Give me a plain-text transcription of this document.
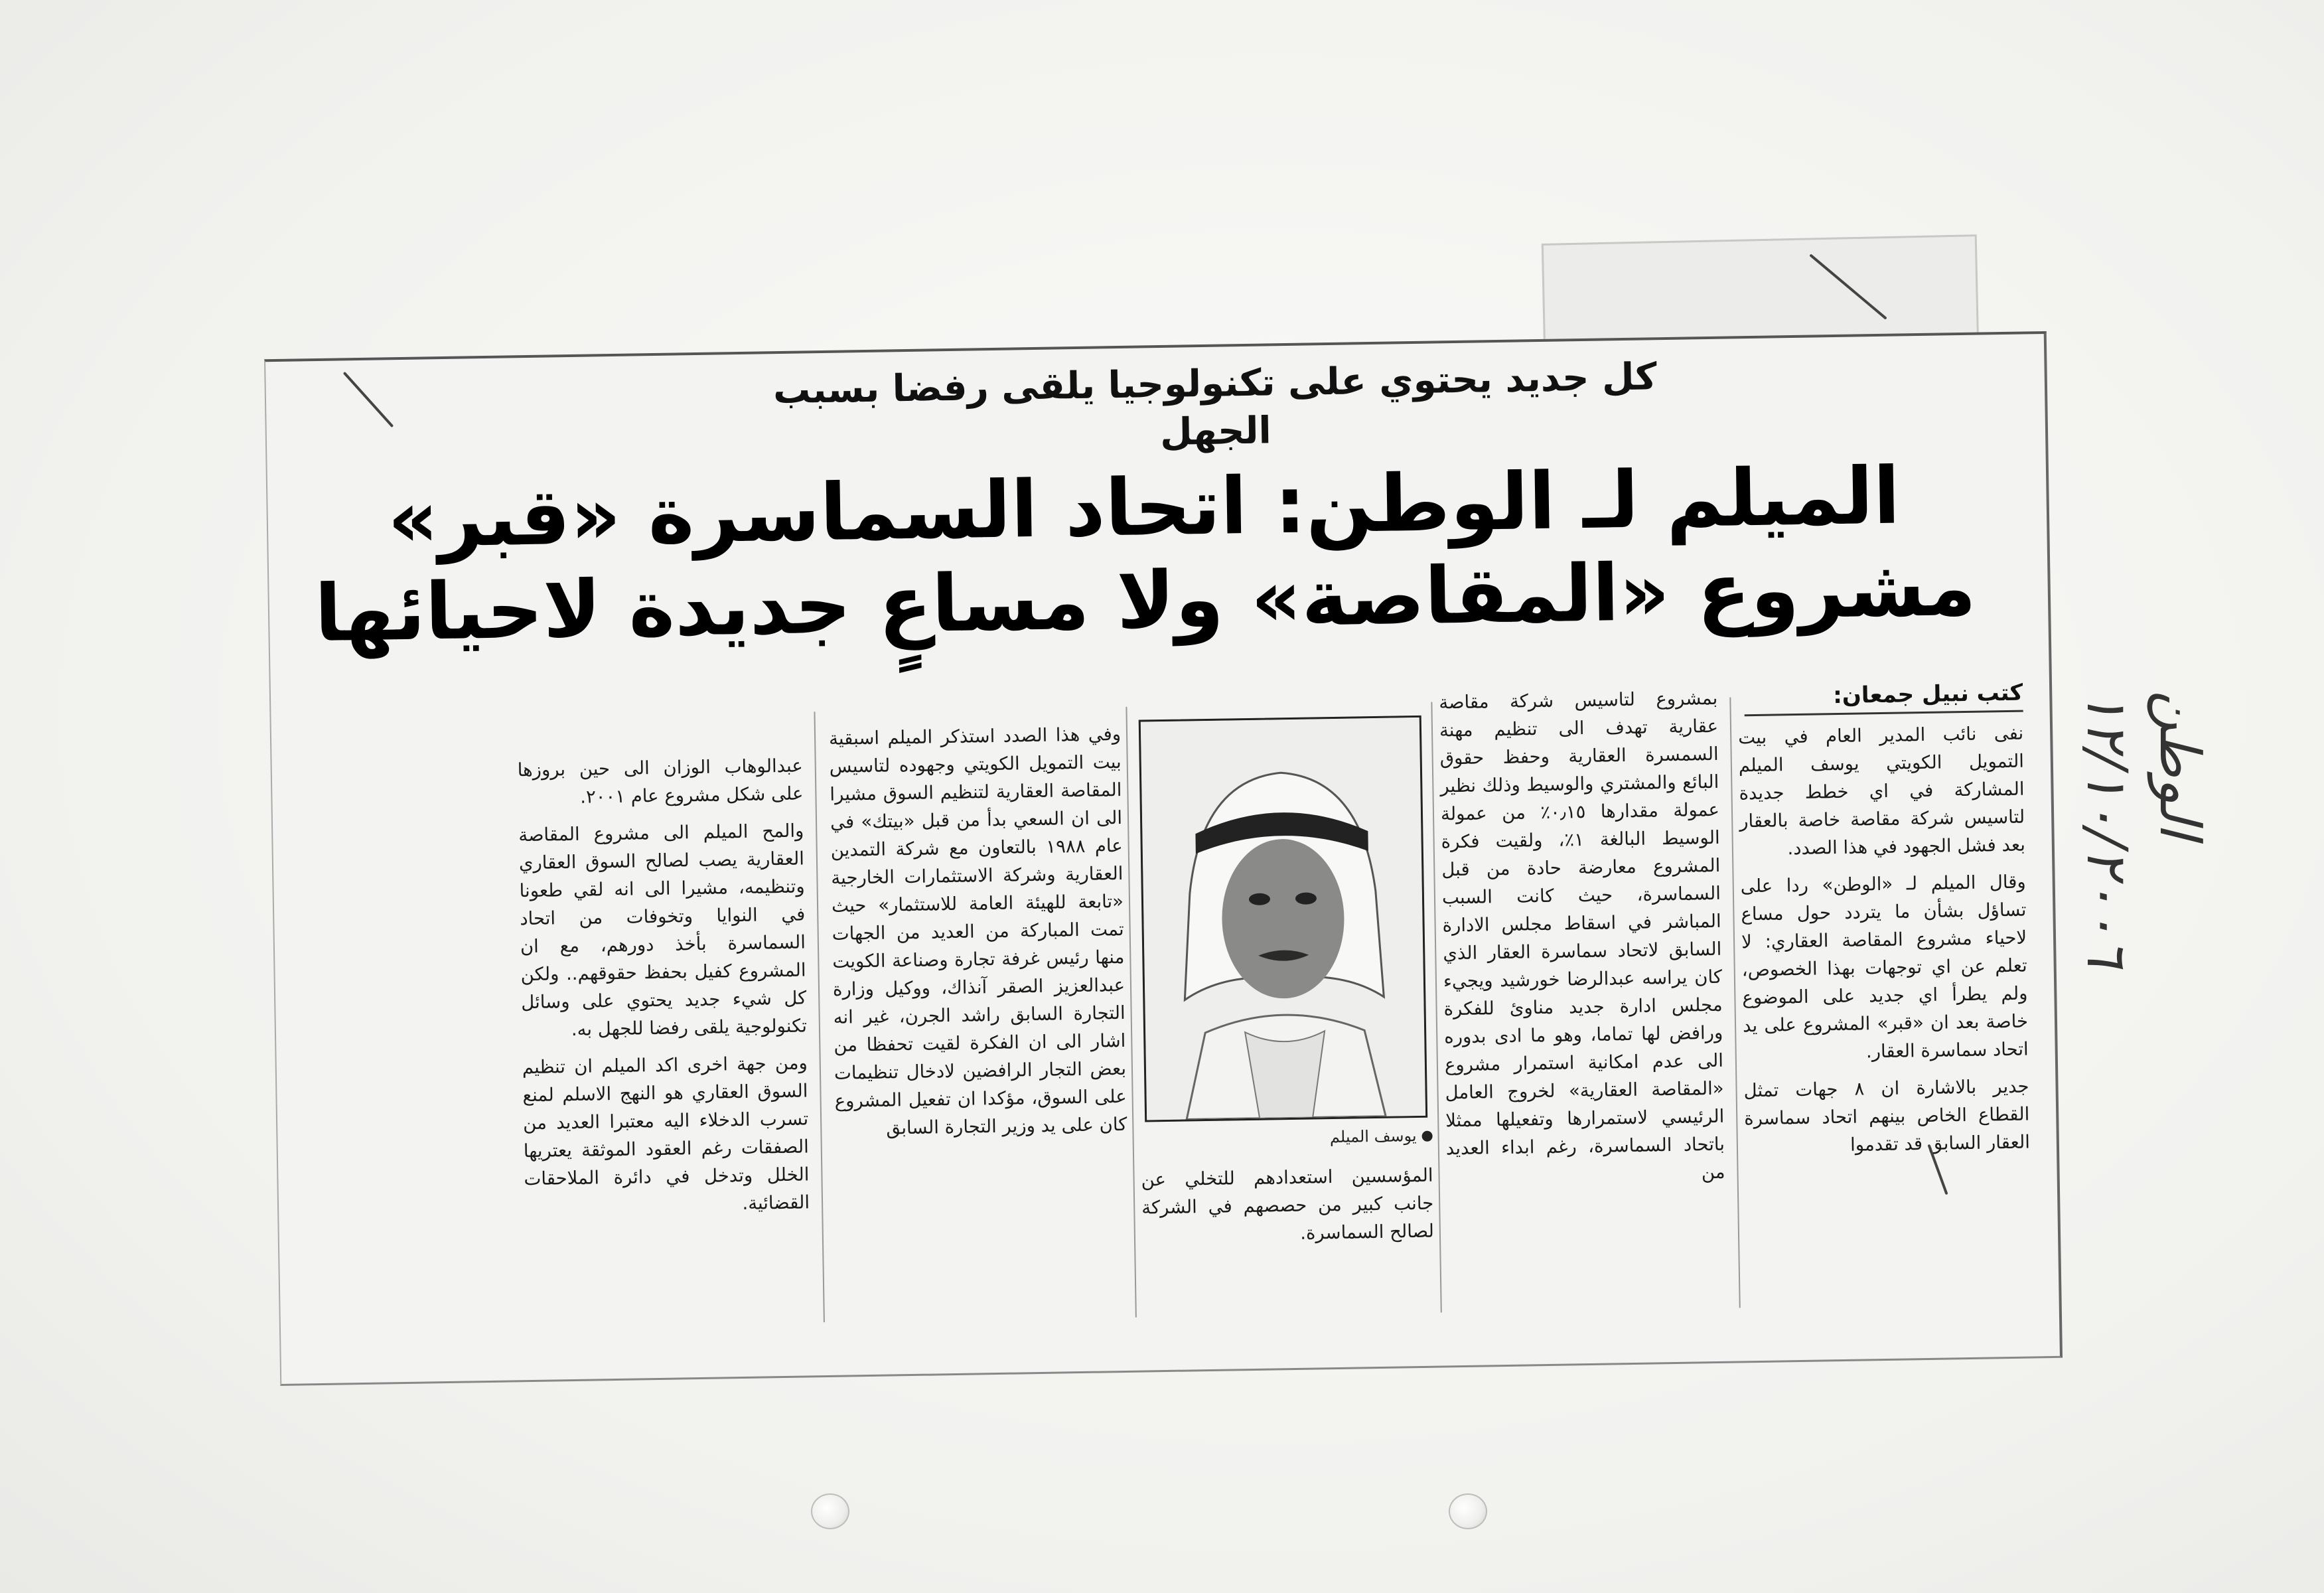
كل جديد يحتوي على تكنولوجيا يلقى رفضا بسبب الجهل
الميلم لـ الوطن: اتحاد السماسرة «قبر»
مشروع «المقاصة» ولا مساعٍ جديدة لاحيائها
كتب نبيل جمعان:

نفى نائب المدير العام في بيت التمويل الكويتي يوسف الميلم المشاركة في اي خطط جديدة لتاسيس شركة مقاصة خاصة بالعقار بعد فشل الجهود في هذا الصدد.

وقال الميلم لـ «الوطن» ردا على تساؤل بشأن ما يتردد حول مساع لاحياء مشروع المقاصة العقاري: لا تعلم عن اي توجهات بهذا الخصوص، ولم يطرأ اي جديد على الموضوع خاصة بعد ان «قبر» المشروع على يد اتحاد سماسرة العقار.

جدير بالاشارة ان ٨ جهات تمثل القطاع الخاص بينهم اتحاد سماسرة العقار السابق قد تقدموا

بمشروع لتاسيس شركة مقاصة عقارية تهدف الى تنظيم مهنة السمسرة العقارية وحفظ حقوق البائع والمشتري والوسيط وذلك نظير عمولة مقدارها ٠٫١٥٪ من عمولة الوسيط البالغة ١٪، ولقيت فكرة المشروع معارضة حادة من قبل السماسرة، حيث كانت السبب المباشر في اسقاط مجلس الادارة السابق لاتحاد سماسرة العقار الذي كان يراسه عبدالرضا خورشيد ويجيء مجلس ادارة جديد مناوئ للفكرة ورافض لها تماما، وهو ما ادى بدوره الى عدم امكانية استمرار مشروع «المقاصة العقارية» لخروج العامل الرئيسي لاستمرارها وتفعيلها ممثلا باتحاد السماسرة، رغم ابداء العديد من

يوسف الميلم
المؤسسين استعدادهم للتخلي عن جانب كبير من حصصهم في الشركة لصالح السماسرة.

وفي هذا الصدد استذكر الميلم اسبقية بيت التمويل الكويتي وجهوده لتاسيس المقاصة العقارية لتنظيم السوق مشيرا الى ان السعي بدأ من قبل «بيتك» في عام ١٩٨٨ بالتعاون مع شركة التمدين العقارية وشركة الاستثمارات الخارجية «تابعة للهيئة العامة للاستثمار» حيث تمت المباركة من العديد من الجهات منها رئيس غرفة تجارة وصناعة الكويت عبدالعزيز الصقر آنذاك، ووكيل وزارة التجارة السابق راشد الجرن، غير انه اشار الى ان الفكرة لقيت تحفظا من بعض التجار الرافضين لادخال تنظيمات على السوق، مؤكدا ان تفعيل المشروع كان على يد وزير التجارة السابق

عبدالوهاب الوزان الى حين بروزها على شكل مشروع عام ٢٠٠١.

والمح الميلم الى مشروع المقاصة العقارية يصب لصالح السوق العقاري وتنظيمه، مشيرا الى انه لقي طعونا في النوايا وتخوفات من اتحاد السماسرة بأخذ دورهم، مع ان المشروع كفيل بحفظ حقوقهم.. ولكن كل شيء جديد يحتوي على وسائل تكنولوجية يلقى رفضا للجهل به.

ومن جهة اخرى اكد الميلم ان تنظيم السوق العقاري هو النهج الاسلم لمنع تسرب الدخلاء اليه معتبرا العديد من الصفقات رغم العقود الموثقة يعتريها الخلل وتدخل في دائرة الملاحقات القضائية.

الوطن ١٢/١٠/٢٠٠٦
